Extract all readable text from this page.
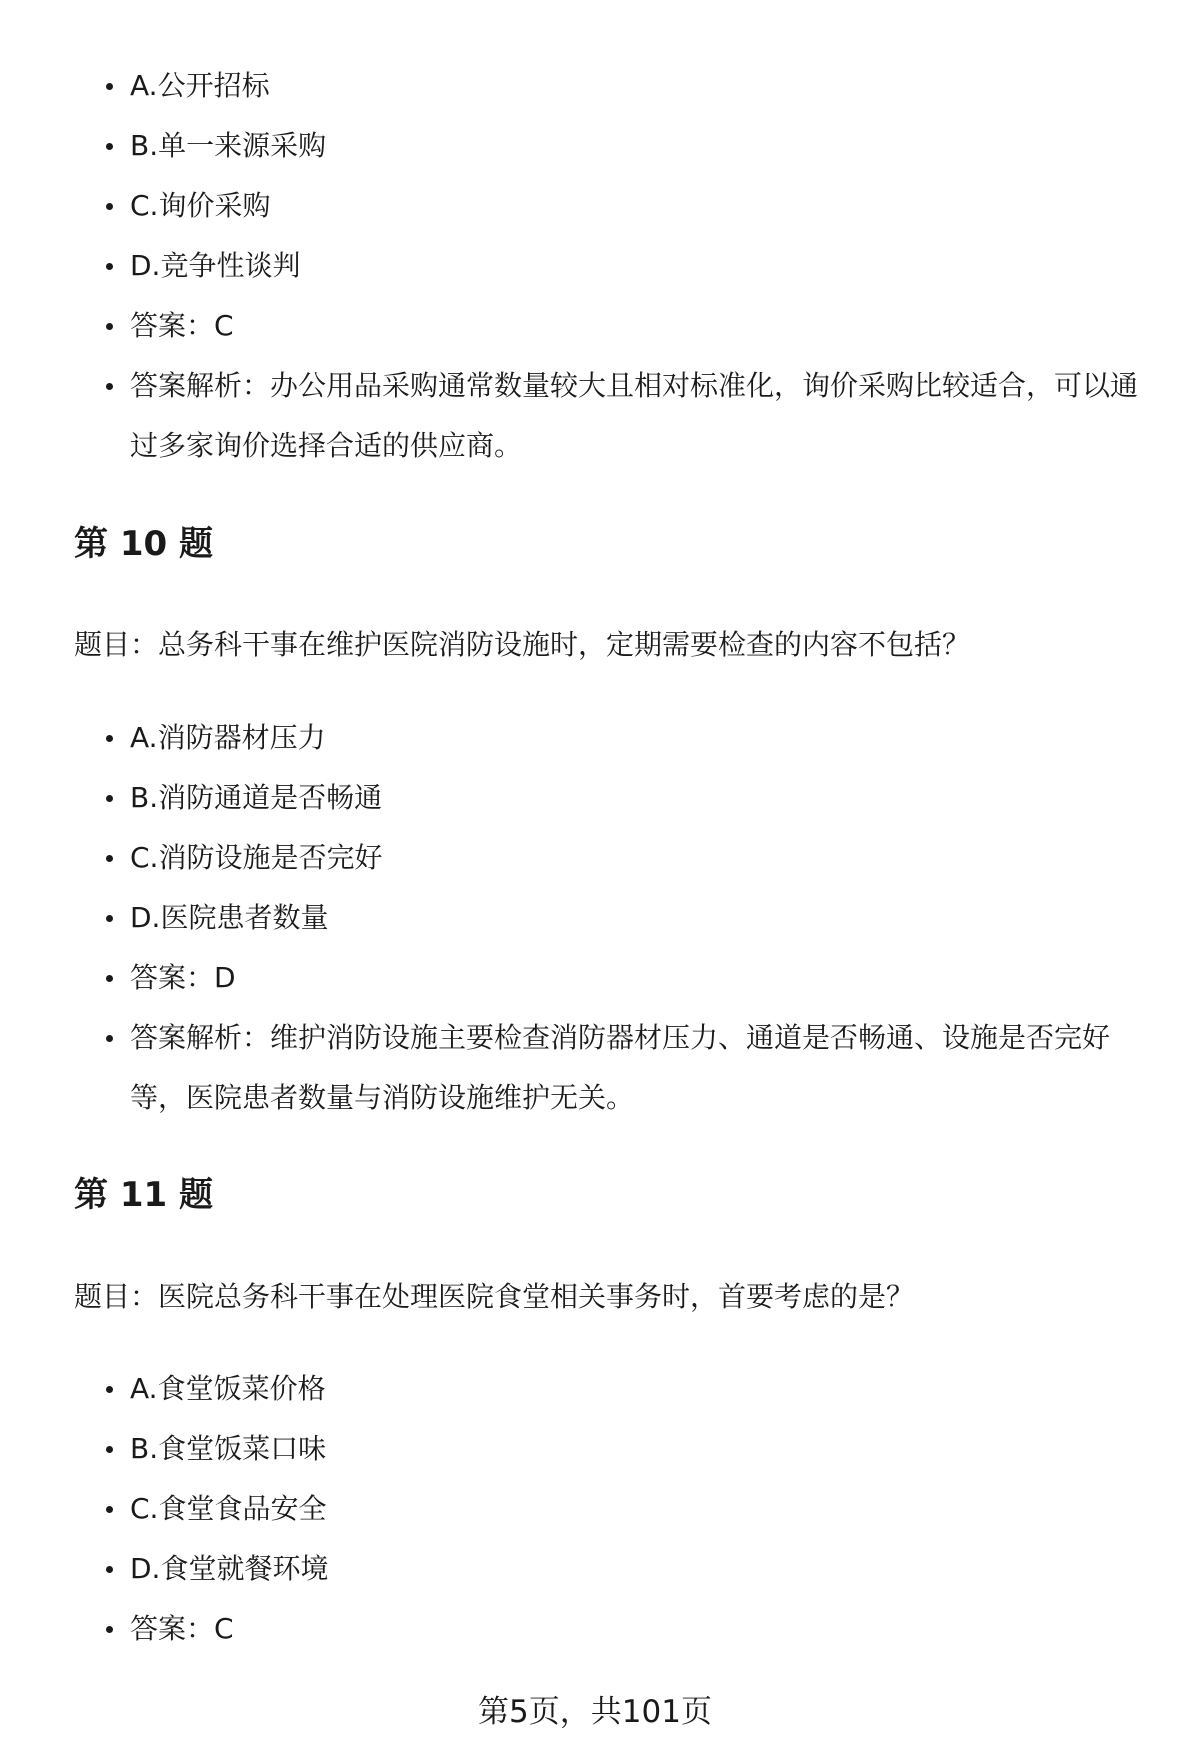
A.公开招标
B.单一来源采购
C.询价采购
D.竞争性谈判
答案：C
答案解析：办公用品采购通常数量较大且相对标准化，询价采购比较适合，可以通过多家询价选择合适的供应商。
第 10 题

题目：总务科干事在维护医院消防设施时，定期需要检查的内容不包括？

A.消防器材压力
B.消防通道是否畅通
C.消防设施是否完好
D.医院患者数量
答案：D
答案解析：维护消防设施主要检查消防器材压力、通道是否畅通、设施是否完好等，医院患者数量与消防设施维护无关。
第 11 题

题目：医院总务科干事在处理医院食堂相关事务时，首要考虑的是？

A.食堂饭菜价格
B.食堂饭菜口味
C.食堂食品安全
D.食堂就餐环境
答案：C
第5页，共101页
